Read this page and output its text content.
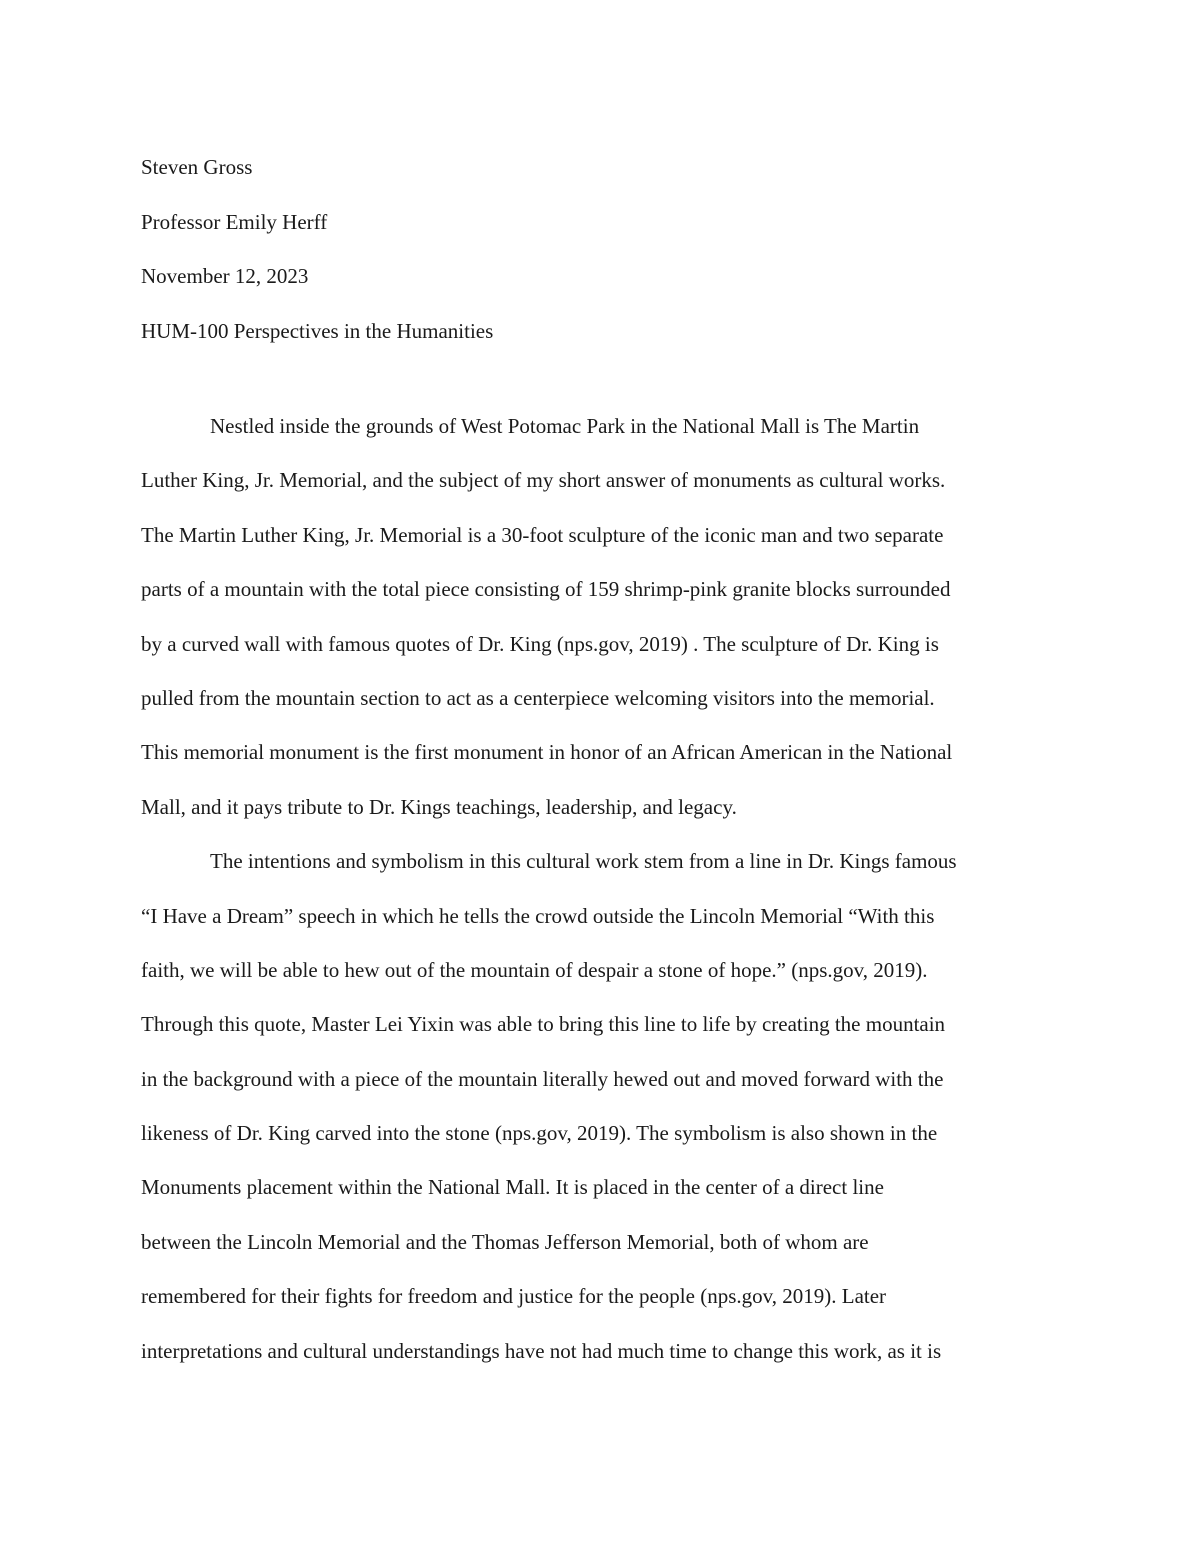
Steven Gross
Professor Emily Herff
November 12, 2023
HUM-100 Perspectives in the Humanities
Nestled inside the grounds of West Potomac Park in the National Mall is The Martin
Luther King, Jr. Memorial, and the subject of my short answer of monuments as cultural works.
The Martin Luther King, Jr. Memorial is a 30-foot sculpture of the iconic man and two separate
parts of a mountain with the total piece consisting of 159 shrimp-pink granite blocks surrounded
by a curved wall with famous quotes of Dr. King (nps.gov, 2019) . The sculpture of Dr. King is
pulled from the mountain section to act as a centerpiece welcoming visitors into the memorial.
This memorial monument is the first monument in honor of an African American in the National
Mall, and it pays tribute to Dr. Kings teachings, leadership, and legacy.
The intentions and symbolism in this cultural work stem from a line in Dr. Kings famous
“I Have a Dream” speech in which he tells the crowd outside the Lincoln Memorial “With this
faith, we will be able to hew out of the mountain of despair a stone of hope.” (nps.gov, 2019).
Through this quote, Master Lei Yixin was able to bring this line to life by creating the mountain
in the background with a piece of the mountain literally hewed out and moved forward with the
likeness of Dr. King carved into the stone (nps.gov, 2019). The symbolism is also shown in the
Monuments placement within the National Mall. It is placed in the center of a direct line
between the Lincoln Memorial and the Thomas Jefferson Memorial, both of whom are
remembered for their fights for freedom and justice for the people (nps.gov, 2019). Later
interpretations and cultural understandings have not had much time to change this work, as it is
